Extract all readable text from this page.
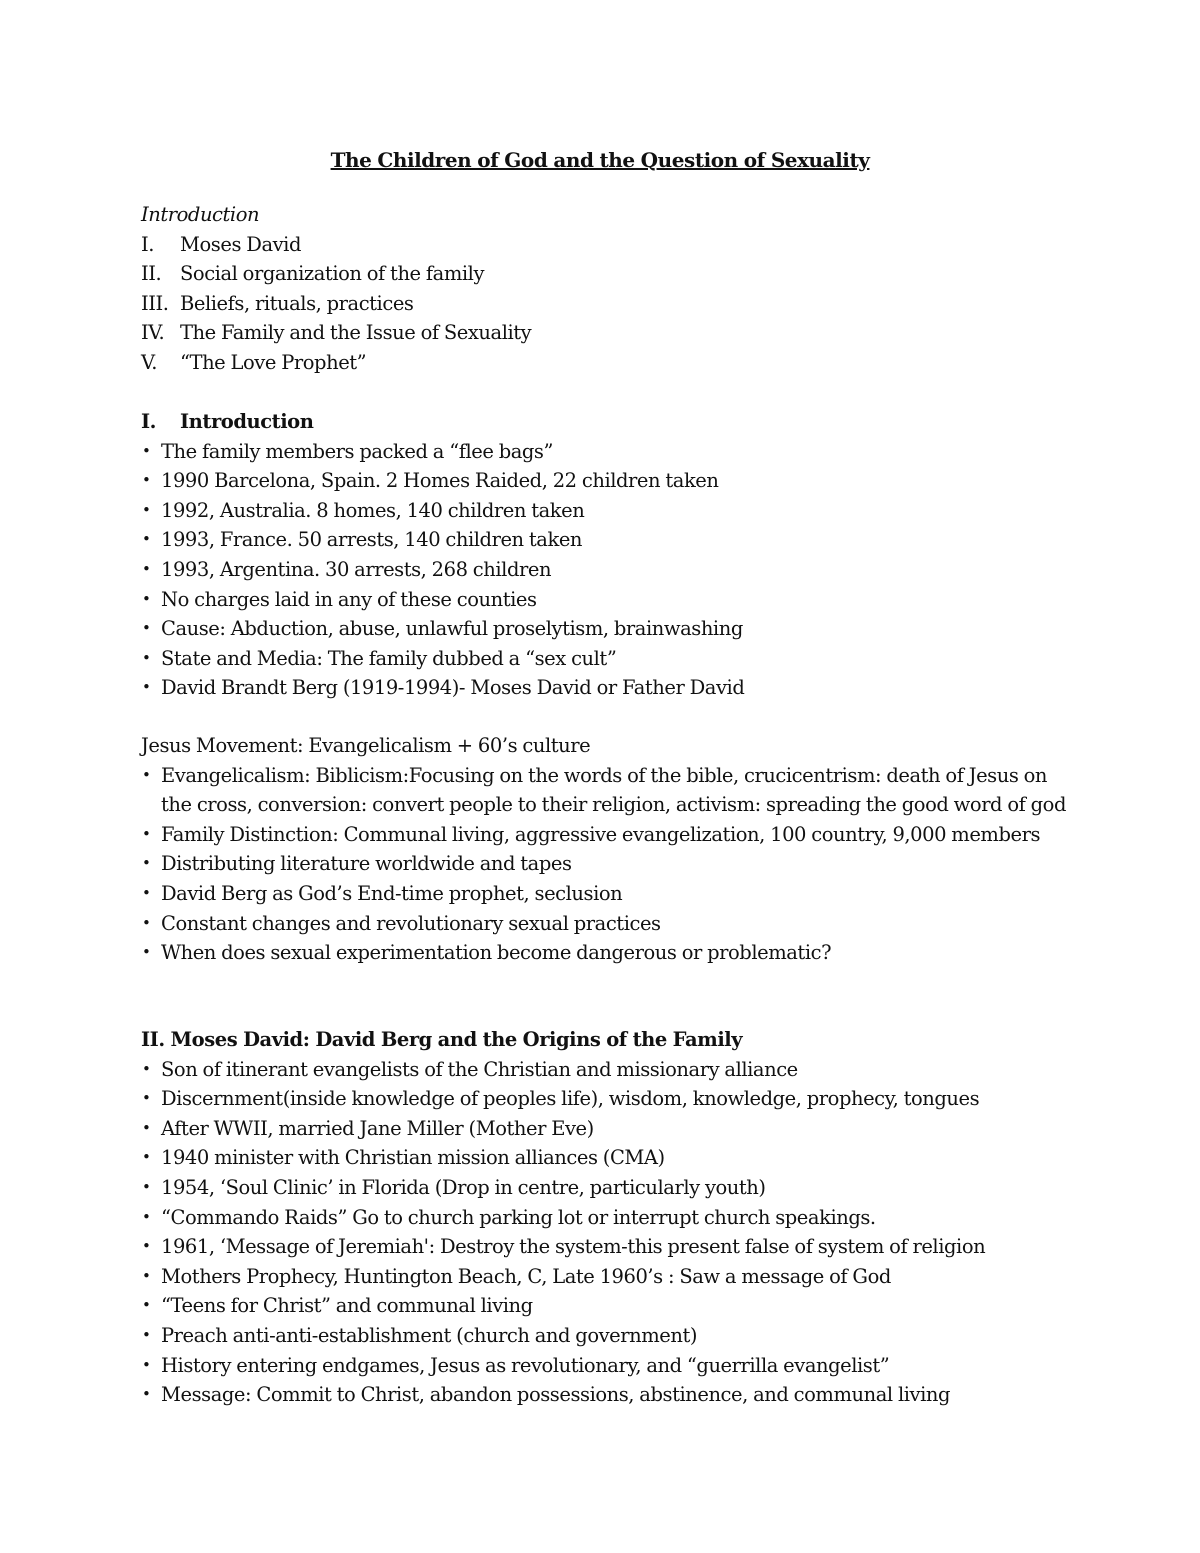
The Children of God and the Question of Sexuality
Introduction
I. Moses David
II. Social organization of the family
III. Beliefs, rituals, practices
IV. The Family and the Issue of Sexuality
V. “The Love Prophet”
I. Introduction
• The family members packed a “flee bags”
• 1990 Barcelona, Spain. 2 Homes Raided, 22 children taken
• 1992, Australia. 8 homes, 140 children taken
• 1993, France. 50 arrests, 140 children taken
• 1993, Argentina. 30 arrests, 268 children
• No charges laid in any of these counties
• Cause: Abduction, abuse, unlawful proselytism, brainwashing
• State and Media: The family dubbed a “sex cult”
• David Brandt Berg (1919-1994)- Moses David or Father David
Jesus Movement: Evangelicalism + 60’s culture
• Evangelicalism: Biblicism:Focusing on the words of the bible, crucicentrism: death of Jesus on the cross, conversion: convert people to their religion, activism: spreading the good word of god
• Family Distinction: Communal living, aggressive evangelization, 100 country, 9,000 members
• Distributing literature worldwide and tapes
• David Berg as God’s End-time prophet, seclusion
• Constant changes and revolutionary sexual practices
• When does sexual experimentation become dangerous or problematic?
II. Moses David: David Berg and the Origins of the Family
• Son of itinerant evangelists of the Christian and missionary alliance
• Discernment(inside knowledge of peoples life), wisdom, knowledge, prophecy, tongues
• After WWII, married Jane Miller (Mother Eve)
• 1940 minister with Christian mission alliances (CMA)
• 1954, ‘Soul Clinic’ in Florida (Drop in centre, particularly youth)
• “Commando Raids” Go to church parking lot or interrupt church speakings.
• 1961, ‘Message of Jeremiah': Destroy the system-this present false of system of religion
• Mothers Prophecy, Huntington Beach, C, Late 1960’s : Saw a message of God
• “Teens for Christ” and communal living
• Preach anti-anti-establishment (church and government)
• History entering endgames, Jesus as revolutionary, and “guerrilla evangelist”
• Message: Commit to Christ, abandon possessions, abstinence, and communal living
